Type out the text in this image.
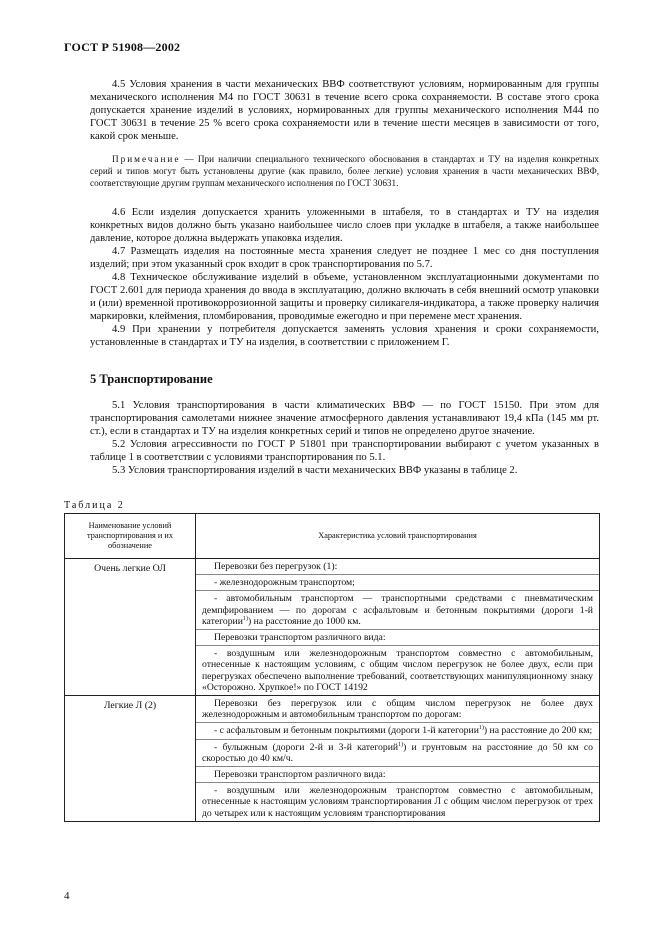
ГОСТ Р 51908—2002

4.5 Условия хранения в части механических ВВФ соответствуют условиям, нормированным для группы механического исполнения М4 по ГОСТ 30631 в течение всего срока сохраняемости. В составе этого срока допускается хранение изделий в условиях, нормированных для группы механического исполнения М44 по ГОСТ 30631 в течение 25 % всего срока сохраняемости или в течение шести месяцев в зависимости от того, какой срок меньше.

Примечание — При наличии специального технического обоснования в стандартах и ТУ на изделия конкретных серий и типов могут быть установлены другие (как правило, более легкие) условия хранения в части механических ВВФ, соответствующие другим группам механического исполнения по ГОСТ 30631.

4.6 Если изделия допускается хранить уложенными в штабеля, то в стандартах и ТУ на изделия конкретных видов должно быть указано наибольшее число слоев при укладке в штабеля, а также наибольшее давление, которое должна выдержать упаковка изделия.

4.7 Размещать изделия на постоянные места хранения следует не позднее 1 мес со дня поступления изделий; при этом указанный срок входит в срок транспортирования по 5.7.

4.8 Техническое обслуживание изделий в объеме, установленном эксплуатационными документами по ГОСТ 2.601 для периода хранения до ввода в эксплуатацию, должно включать в себя внешний осмотр упаковки и (или) временной противокоррозионной защиты и проверку силикагеля-индикатора, а также проверку наличия маркировки, клеймения, пломбирования, проводимые ежегодно и при перемене мест хранения.

4.9 При хранении у потребителя допускается заменять условия хранения и сроки сохраняемости, установленные в стандартах и ТУ на изделия, в соответствии с приложением Г.

5 Транспортирование

5.1 Условия транспортирования в части климатических ВВФ — по ГОСТ 15150. При этом для транспортирования самолетами нижнее значение атмосферного давления устанавливают 19,4 кПа (145 мм рт. ст.), если в стандартах и ТУ на изделия конкретных серий и типов не определено другое значение.

5.2 Условия агрессивности по ГОСТ Р 51801 при транспортировании выбирают с учетом указанных в таблице 1 в соответствии с условиями транспортирования по 5.1.

5.3 Условия транспортирования изделий в части механических ВВФ указаны в таблице 2.

Таблица 2
Наименование условий транспортирования и их обозначение	Характеристика условий транспортирования
Очень легкие ОЛ	Перевозки без перегрузок (1):
- железнодорожным транспортом;
- автомобильным транспортом — транспортными средствами с пневматическим демпфированием — по дорогам с асфальтовым и бетонным покрытиями (дороги 1-й категории$^{1)}$) на расстояние до 1000 км.
Перевозки транспортом различного вида:
- воздушным или железнодорожным транспортом совместно с автомобильным, отнесенные к настоящим условиям, с общим числом перегрузок не более двух, если при перегрузках обеспечено выполнение требований, соответствующих манипуляционному знаку «Осторожно. Хрупкое!» по ГОСТ 14192

Легкие Л (2)	Перевозки без перегрузок или с общим числом перегрузок не более двух железнодорожным и автомобильным транспортом по дорогам:
- с асфальтовым и бетонным покрытиями (дороги 1-й категории$^{1)}$) на расстояние до 200 км;
- булыжным (дороги 2-й и 3-й категорий$^{1)}$) и грунтовым на расстояние до 50 км со скоростью до 40 км/ч.
Перевозки транспортом различного вида:
- воздушным или железнодорожным транспортом совместно с автомобильным, отнесенные к настоящим условиям транспортирования Л с общим числом перегрузок от трех до четырех или к настоящим условиям транспортирования
4
